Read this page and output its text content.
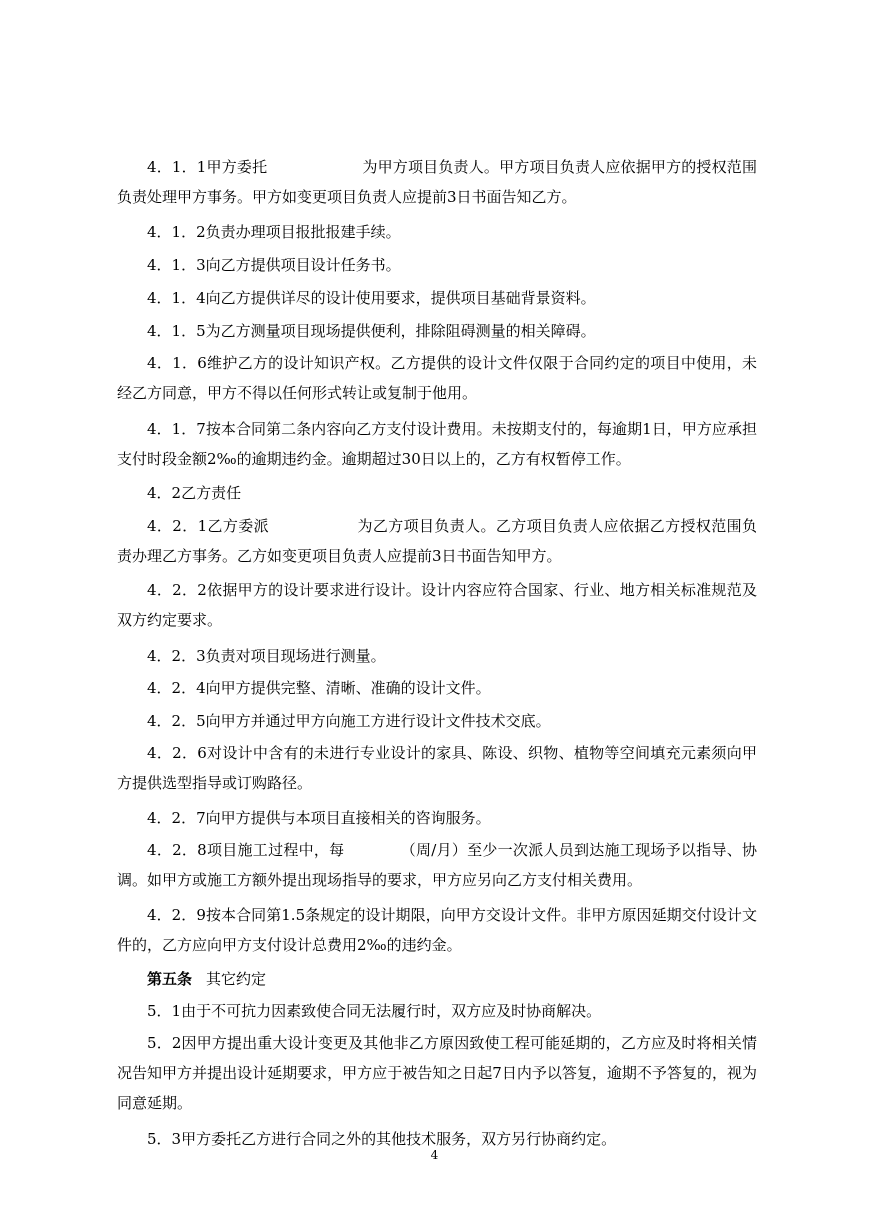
4．1．1甲方委托	为甲方项目负责人。甲方项目负责人应依据甲方的授权范围负责处理甲方事务。甲方如变更项目负责人应提前3日书面告知乙方。

4．1．2负责办理项目报批报建手续。

4．1．3向乙方提供项目设计任务书。

4．1．4向乙方提供详尽的设计使用要求，提供项目基础背景资料。

4．1．5为乙方测量项目现场提供便利，排除阻碍测量的相关障碍。

4．1．6维护乙方的设计知识产权。乙方提供的设计文件仅限于合同约定的项目中使用，未经乙方同意，甲方不得以任何形式转让或复制于他用。

4．1．7按本合同第二条内容向乙方支付设计费用。未按期支付的，每逾期1日，甲方应承担支付时段金额2‰的逾期违约金。逾期超过30日以上的，乙方有权暂停工作。

4．2乙方责任

4．2．1乙方委派	为乙方项目负责人。乙方项目负责人应依据乙方授权范围负责办理乙方事务。乙方如变更项目负责人应提前3日书面告知甲方。

4．2．2依据甲方的设计要求进行设计。设计内容应符合国家、行业、地方相关标准规范及双方约定要求。

4．2．3负责对项目现场进行测量。

4．2．4向甲方提供完整、清晰、准确的设计文件。

4．2．5向甲方并通过甲方向施工方进行设计文件技术交底。

4．2．6对设计中含有的未进行专业设计的家具、陈设、织物、植物等空间填充元素须向甲方提供选型指导或订购路径。

4．2．7向甲方提供与本项目直接相关的咨询服务。

4．2．8项目施工过程中，每	（周/月）至少一次派人员到达施工现场予以指导、协调。如甲方或施工方额外提出现场指导的要求，甲方应另向乙方支付相关费用。

4．2．9按本合同第1.5条规定的设计期限，向甲方交设计文件。非甲方原因延期交付设计文件的，乙方应向甲方支付设计总费用2‰的违约金。

第五条 其它约定

5．1由于不可抗力因素致使合同无法履行时，双方应及时协商解决。

5．2因甲方提出重大设计变更及其他非乙方原因致使工程可能延期的，乙方应及时将相关情况告知甲方并提出设计延期要求，甲方应于被告知之日起7日内予以答复，逾期不予答复的，视为同意延期。

5．3甲方委托乙方进行合同之外的其他技术服务，双方另行协商约定。

4
